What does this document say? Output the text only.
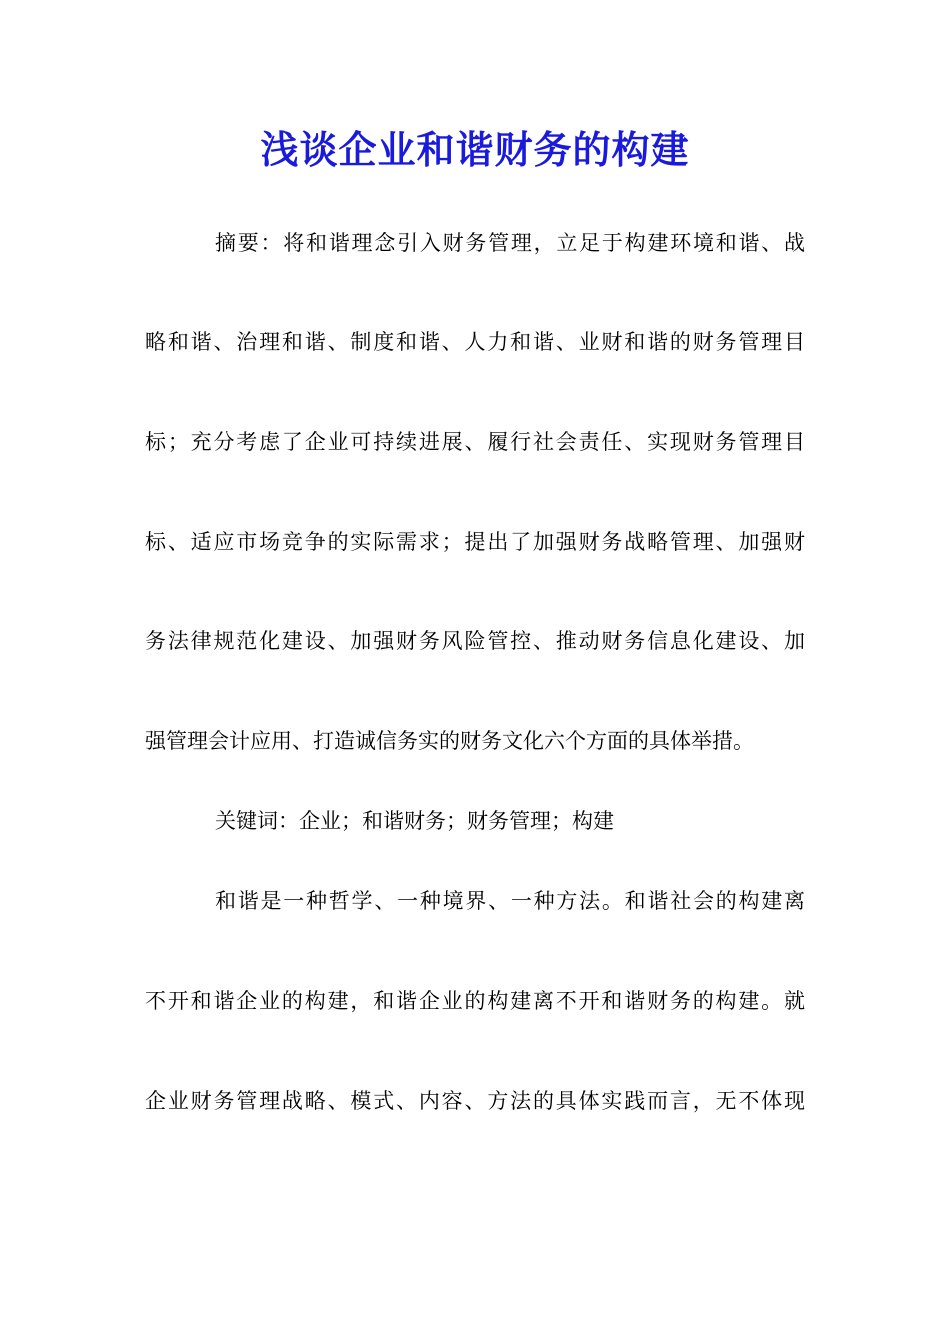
浅谈企业和谐财务的构建
摘要：将和谐理念引入财务管理，立足于构建环境和谐、战
略和谐、治理和谐、制度和谐、人力和谐、业财和谐的财务管理目
标；充分考虑了企业可持续进展、履行社会责任、实现财务管理目
标、适应市场竞争的实际需求；提出了加强财务战略管理、加强财
务法律规范化建设、加强财务风险管控、推动财务信息化建设、加
强管理会计应用、打造诚信务实的财务文化六个方面的具体举措。
关键词：企业；和谐财务；财务管理；构建
和谐是一种哲学、一种境界、一种方法。和谐社会的构建离
不开和谐企业的构建，和谐企业的构建离不开和谐财务的构建。就
企业财务管理战略、模式、内容、方法的具体实践而言，无不体现
